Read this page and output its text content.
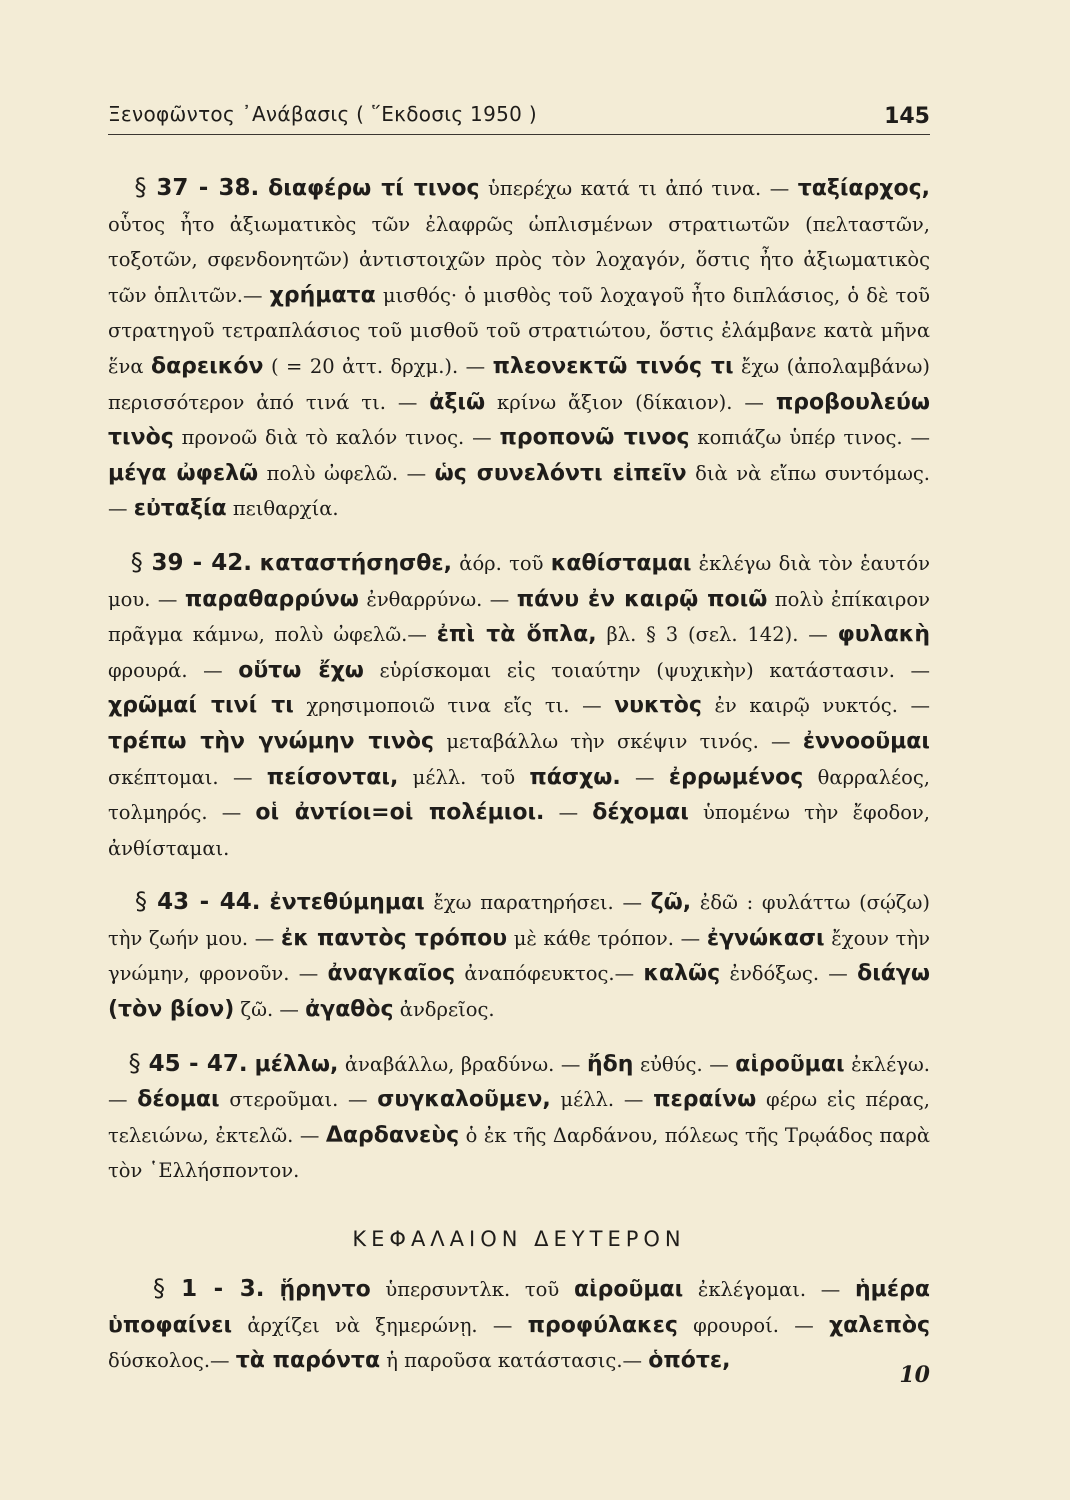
Ξενοφῶντος ᾿Ανάβασις ( ῞Εκδοσις 1950 )	145

§ 37 - 38. διαφέρω τί τινος ὑπερέχω κατά τι ἀπό τινα. — ταξίαρχος, οὗτος ἦτο ἀξιωματικὸς τῶν ἐλαφρῶς ὡπλισμένων στρατιωτῶν (πελταστῶν, τοξοτῶν, σφενδονητῶν) ἀντιστοιχῶν πρὸς τὸν λοχαγόν, ὅστις ἦτο ἀξιωματικὸς τῶν ὁπλιτῶν.— χρήματα μισθός· ὁ μισθὸς τοῦ λοχαγοῦ ἦτο διπλάσιος, ὁ δὲ τοῦ στρατηγοῦ τετραπλάσιος τοῦ μισθοῦ τοῦ στρατιώτου, ὅστις ἐλάμβανε κατὰ μῆνα ἕνα δαρεικόν ( = 20 ἀττ. δρχμ.). — πλεονεκτῶ τινός τι ἔχω (ἀπολαμβάνω) περισσότερον ἀπό τινά τι. — ἀξιῶ κρίνω ἄξιον (δίκαιον). — προβουλεύω τινὸς προνοῶ διὰ τὸ καλόν τινος. — προπονῶ τινος κοπιάζω ὑπέρ τινος. — μέγα ὠφελῶ πολὺ ὠφελῶ. — ὡς συνελόντι εἰπεῖν διὰ νὰ εἴπω συντόμως. — εὐταξία πειθαρχία.

§ 39 - 42. καταστήσησθε, ἀόρ. τοῦ καθίσταμαι ἐκλέγω διὰ τὸν ἑαυτόν μου. — παραθαρρύνω ἐνθαρρύνω. — πάνυ ἐν καιρῷ ποιῶ πολὺ ἐπίκαιρον πρᾶγμα κάμνω, πολὺ ὠφελῶ.— ἐπὶ τὰ ὅπλα, βλ. § 3 (σελ. 142). — φυλακὴ φρουρά. — οὕτω ἔχω εὑρίσκομαι εἰς τοιαύτην (ψυχικὴν) κατάστασιν. — χρῶμαί τινί τι χρησιμοποιῶ τινα εἴς τι. — νυκτὸς ἐν καιρῷ νυκτός. — τρέπω τὴν γνώμην τινὸς μεταβάλλω τὴν σκέψιν τινός. — ἐννοοῦμαι σκέπτομαι. — πείσονται, μέλλ. τοῦ πάσχω. — ἐρρωμένος θαρραλέος, τολμηρός. — οἱ ἀντίοι=οἱ πολέμιοι. — δέχομαι ὑπομένω τὴν ἔφοδον, ἀνθίσταμαι.

§ 43 - 44. ἐντεθύμημαι ἔχω παρατηρήσει. — ζῶ, ἐδῶ : φυλάττω (σῴζω) τὴν ζωήν μου. — ἐκ παντὸς τρόπου μὲ κάθε τρόπον. — ἐγνώκασι ἔχουν τὴν γνώμην, φρονοῦν. — ἀναγκαῖος ἀναπόφευκτος.— καλῶς ἐνδόξως. — διάγω (τὸν βίον) ζῶ. — ἀγαθὸς ἀνδρεῖος.

§ 45 - 47. μέλλω, ἀναβάλλω, βραδύνω. — ἤδη εὐθύς. — αἱροῦμαι ἐκλέγω. — δέομαι στεροῦμαι. — συγκαλοῦμεν, μέλλ. — περαίνω φέρω εἰς πέρας, τελειώνω, ἐκτελῶ. — Δαρδανεὺς ὁ ἐκ τῆς Δαρδάνου, πόλεως τῆς Τρῳάδος παρὰ τὸν ῾Ελλήσποντον.

ΚΕΦΑΛΑΙΟΝ ΔΕΥΤΕΡΟΝ

§ 1 - 3. ᾕρηντο ὑπερσυντλκ. τοῦ αἱροῦμαι ἐκλέγομαι. — ἡμέρα ὑποφαίνει ἀρχίζει νὰ ξημερώνῃ. — προφύλακες φρουροί. — χαλεπὸς δύσκολος.— τὰ παρόντα ἡ παροῦσα κατάστασις.— ὁπότε,

10
